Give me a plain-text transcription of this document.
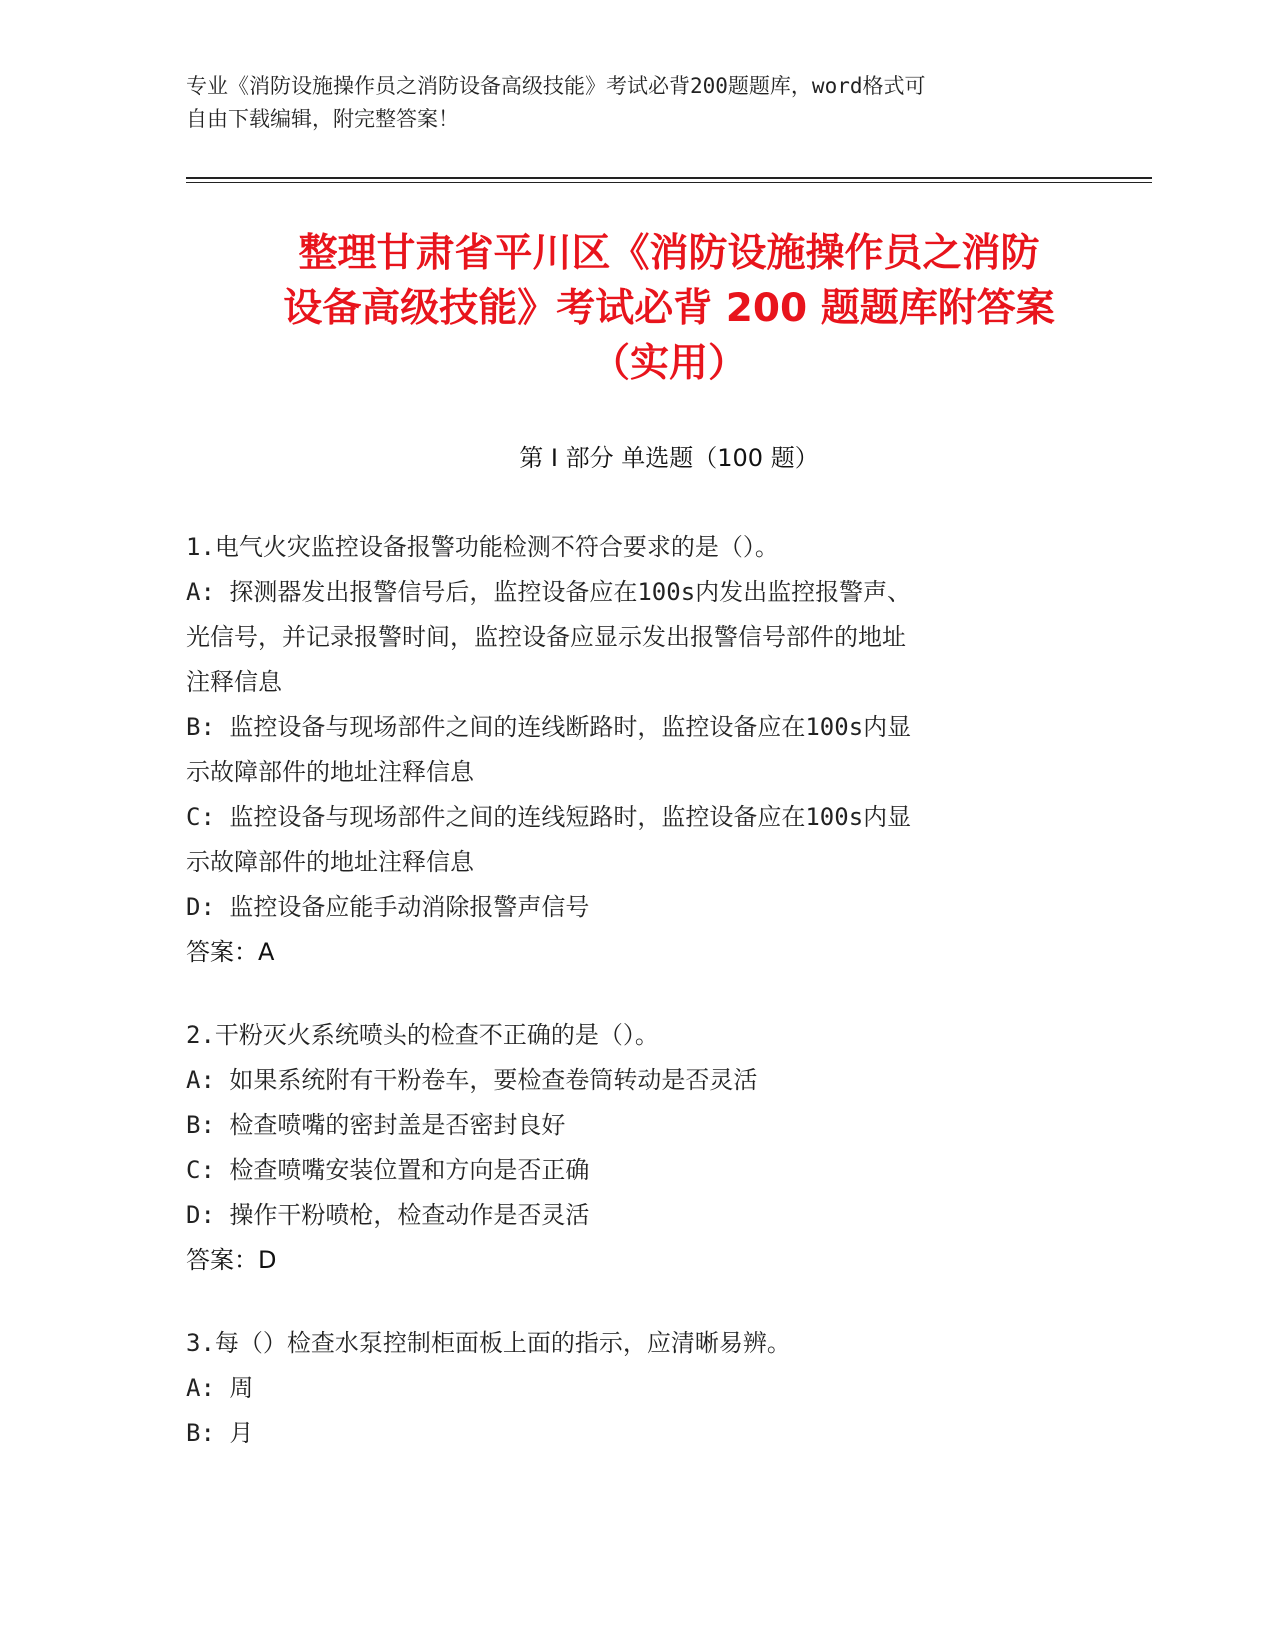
专业《消防设施操作员之消防设备高级技能》考试必背200题题库，word格式可
自由下载编辑，附完整答案！
整理甘肃省平川区《消防设施操作员之消防
设备高级技能》考试必背 200 题题库附答案
（实用）
第 I 部分 单选题（100 题）
1.电气火灾监控设备报警功能检测不符合要求的是（）。
A: 探测器发出报警信号后，监控设备应在100s内发出监控报警声、
光信号，并记录报警时间，监控设备应显示发出报警信号部件的地址
注释信息
B: 监控设备与现场部件之间的连线断路时，监控设备应在100s内显
示故障部件的地址注释信息
C: 监控设备与现场部件之间的连线短路时，监控设备应在100s内显
示故障部件的地址注释信息
D: 监控设备应能手动消除报警声信号
答案：A
2.干粉灭火系统喷头的检查不正确的是（）。
A: 如果系统附有干粉卷车，要检查卷筒转动是否灵活
B: 检查喷嘴的密封盖是否密封良好
C: 检查喷嘴安装位置和方向是否正确
D: 操作干粉喷枪，检查动作是否灵活
答案：D
3.每（）检查水泵控制柜面板上面的指示，应清晰易辨。
A: 周
B: 月
